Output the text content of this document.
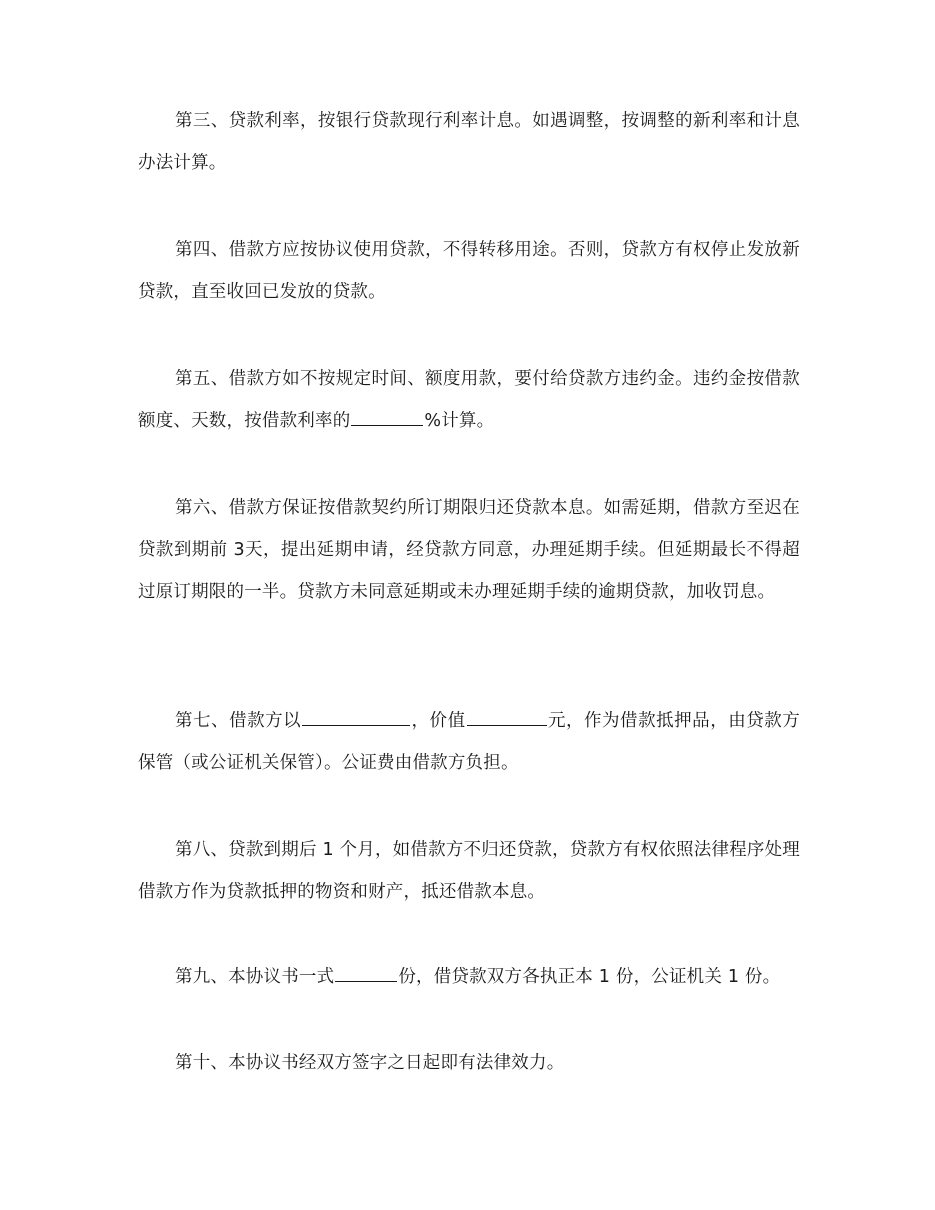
第三、贷款利率，按银行贷款现行利率计息。如遇调整，按调整的新利率和计息办法计算。

第四、借款方应按协议使用贷款，不得转移用途。否则，贷款方有权停止发放新贷款，直至收回已发放的贷款。

第五、借款方如不按规定时间、额度用款，要付给贷款方违约金。违约金按借款额度、天数，按借款利率的	%计算。

第六、借款方保证按借款契约所订期限归还贷款本息。如需延期，借款方至迟在贷款到期前 3天，提出延期申请，经贷款方同意，办理延期手续。但延期最长不得超过原订期限的一半。贷款方未同意延期或未办理延期手续的逾期贷款，加收罚息。

第七、借款方以	，价值	元，作为借款抵押品，由贷款方保管（或公证机关保管）。公证费由借款方负担。

第八、贷款到期后 1 个月，如借款方不归还贷款，贷款方有权依照法律程序处理借款方作为贷款抵押的物资和财产，抵还借款本息。

第九、本协议书一式	份，借贷款双方各执正本 1 份，公证机关 1 份。

第十、本协议书经双方签字之日起即有法律效力。
